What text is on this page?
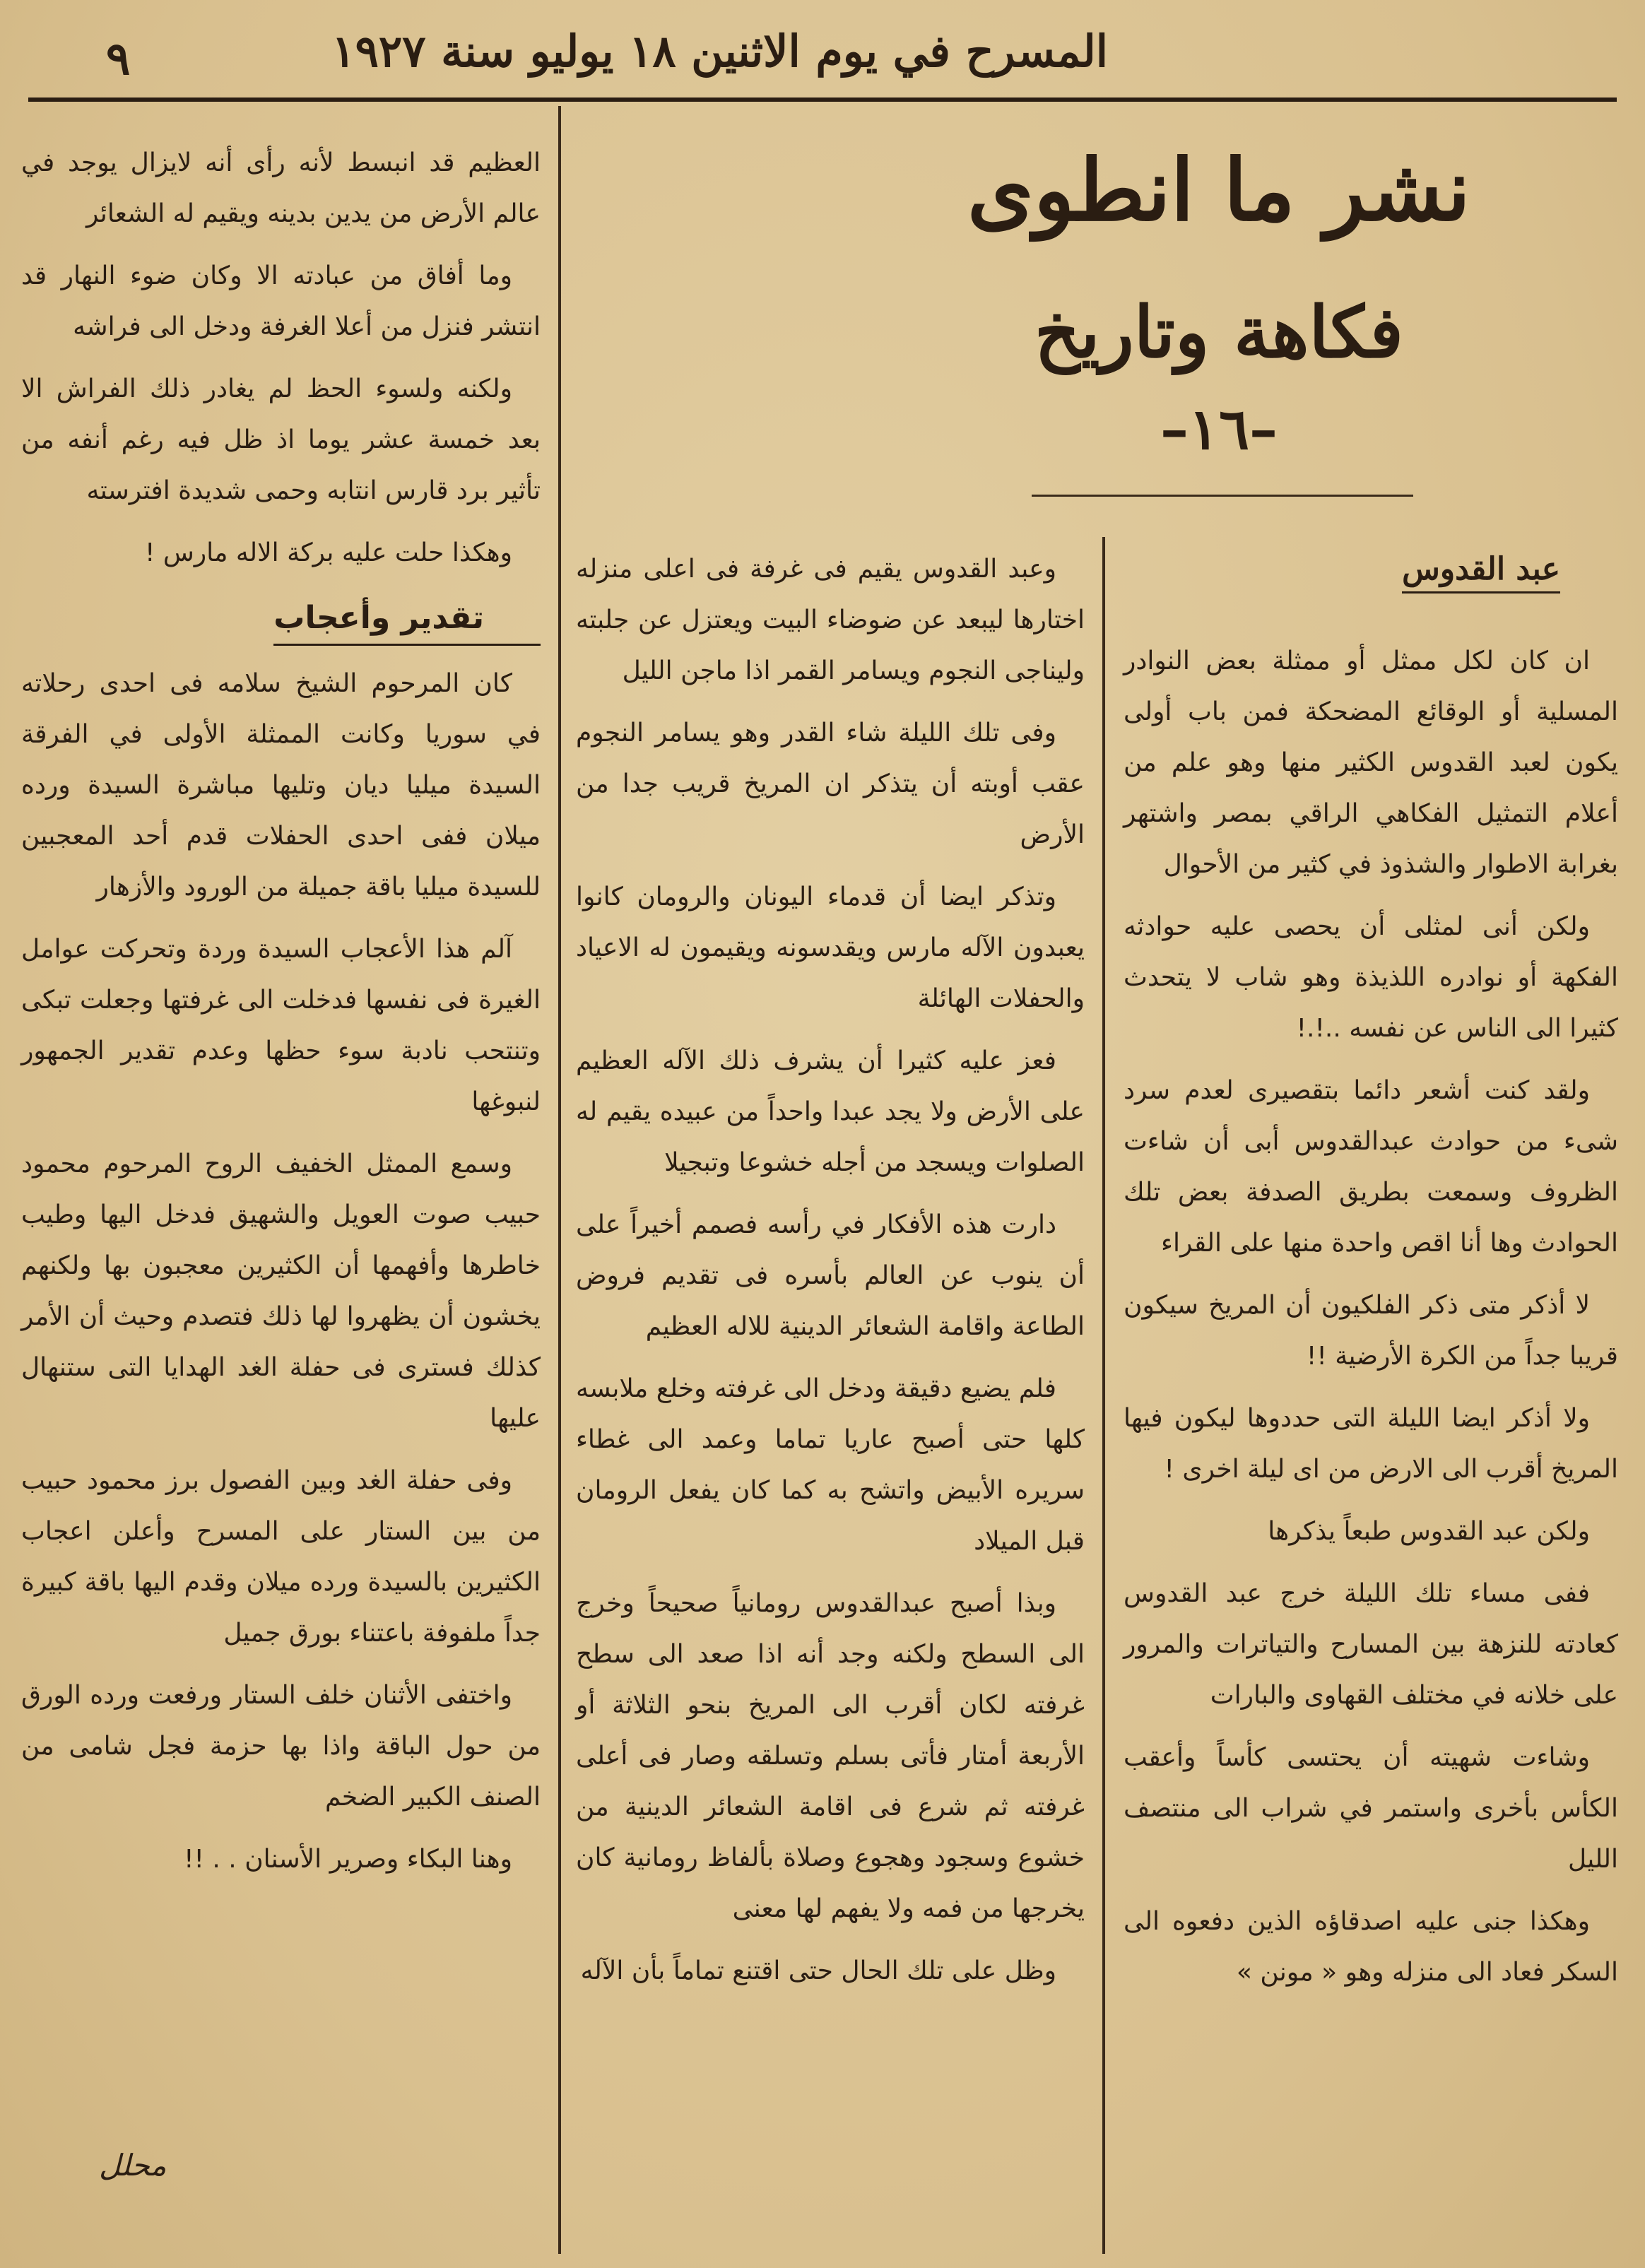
المسرح في يوم الاثنين ١٨ يوليو سنة ١٩٢٧
٩
نشر ما انطوى
فكاهة وتاريخ
–١٦–
عبد القدوس

ان كان لكل ممثل أو ممثلة بعض النوادر المسلية أو الوقائع المضحكة فمن باب أولى يكون لعبد القدوس الكثير منها وهو علم من أعلام التمثيل الفكاهي الراقي بمصر واشتهر بغرابة الاطوار والشذوذ في كثير من الأحوال

ولكن أنى لمثلى أن يحصى عليه حوادثه الفكهة أو نوادره اللذيذة وهو شاب لا يتحدث كثيرا الى الناس عن نفسه ..!.!

ولقد كنت أشعر دائما بتقصيرى لعدم سرد شىء من حوادث عبدالقدوس أبى أن شاءت الظروف وسمعت بطريق الصدفة بعض تلك الحوادث وها أنا اقص واحدة منها على القراء

لا أذكر متى ذكر الفلكيون أن المريخ سيكون قريبا جداً من الكرة الأرضية !!

ولا أذكر ايضا الليلة التى حددوها ليكون فيها المريخ أقرب الى الارض من اى ليلة اخرى !

ولكن عبد القدوس طبعاً يذكرها

ففى مساء تلك الليلة خرج عبد القدوس كعادته للنزهة بين المسارح والتياترات والمرور على خلانه في مختلف القهاوى والبارات

وشاءت شهيته أن يحتسى كأساً وأعقب الكأس بأخرى واستمر في شراب الى منتصف الليل

وهكذا جنى عليه اصدقاؤه الذين دفعوه الى السكر فعاد الى منزله وهو « مونن »

وعبد القدوس يقيم فى غرفة فى اعلى منزله اختارها ليبعد عن ضوضاء البيت ويعتزل عن جلبته وليناجى النجوم ويسامر القمر اذا ماجن الليل

وفى تلك الليلة شاء القدر وهو يسامر النجوم عقب أوبته أن يتذكر ان المريخ قريب جدا من الأرض

وتذكر ايضا أن قدماء اليونان والرومان كانوا يعبدون الآله مارس ويقدسونه ويقيمون له الاعياد والحفلات الهائلة

فعز عليه كثيرا أن يشرف ذلك الآله العظيم على الأرض ولا يجد عبدا واحداً من عبيده يقيم له الصلوات ويسجد من أجله خشوعا وتبجيلا

دارت هذه الأفكار في رأسه فصمم أخيراً على أن ينوب عن العالم بأسره فى تقديم فروض الطاعة واقامة الشعائر الدينية للاله العظيم

فلم يضيع دقيقة ودخل الى غرفته وخلع ملابسه كلها حتى أصبح عاريا تماما وعمد الى غطاء سريره الأبيض واتشح به كما كان يفعل الرومان قبل الميلاد

وبذا أصبح عبدالقدوس رومانياً صحيحاً وخرج الى السطح ولكنه وجد أنه اذا صعد الى سطح غرفته لكان أقرب الى المريخ بنحو الثلاثة أو الأربعة أمتار فأتى بسلم وتسلقه وصار فى أعلى غرفته ثم شرع فى اقامة الشعائر الدينية من خشوع وسجود وهجوع وصلاة بألفاظ رومانية كان يخرجها من فمه ولا يفهم لها معنى

وظل على تلك الحال حتى اقتنع تماماً بأن الآله

العظيم قد انبسط لأنه رأى أنه لايزال يوجد في عالم الأرض من يدين بدينه ويقيم له الشعائر

وما أفاق من عبادته الا وكان ضوء النهار قد انتشر فنزل من أعلا الغرفة ودخل الى فراشه

ولكنه ولسوء الحظ لم يغادر ذلك الفراش الا بعد خمسة عشر يوما اذ ظل فيه رغم أنفه من تأثير برد قارس انتابه وحمى شديدة افترسته

وهكذا حلت عليه بركة الاله مارس !

تقدير وأعجاب

كان المرحوم الشيخ سلامه فى احدى رحلاته في سوريا وكانت الممثلة الأولى في الفرقة السيدة ميليا ديان وتليها مباشرة السيدة ورده ميلان ففى احدى الحفلات قدم أحد المعجبين للسيدة ميليا باقة جميلة من الورود والأزهار

آلم هذا الأعجاب السيدة وردة وتحركت عوامل الغيرة فى نفسها فدخلت الى غرفتها وجعلت تبكى وتنتحب نادبة سوء حظها وعدم تقدير الجمهور لنبوغها

وسمع الممثل الخفيف الروح المرحوم محمود حبيب صوت العويل والشهيق فدخل اليها وطيب خاطرها وأفهمها أن الكثيرين معجبون بها ولكنهم يخشون أن يظهروا لها ذلك فتصدم وحيث أن الأمر كذلك فسترى فى حفلة الغد الهدايا التى ستنهال عليها

وفى حفلة الغد وبين الفصول برز محمود حبيب من بين الستار على المسرح وأعلن اعجاب الكثيرين بالسيدة ورده ميلان وقدم اليها باقة كبيرة جداً ملفوفة باعتناء بورق جميل

واختفى الأثنان خلف الستار ورفعت ورده الورق من حول الباقة واذا بها حزمة فجل شامى من الصنف الكبير الضخم

وهنا البكاء وصرير الأسنان . . !!

محلل
